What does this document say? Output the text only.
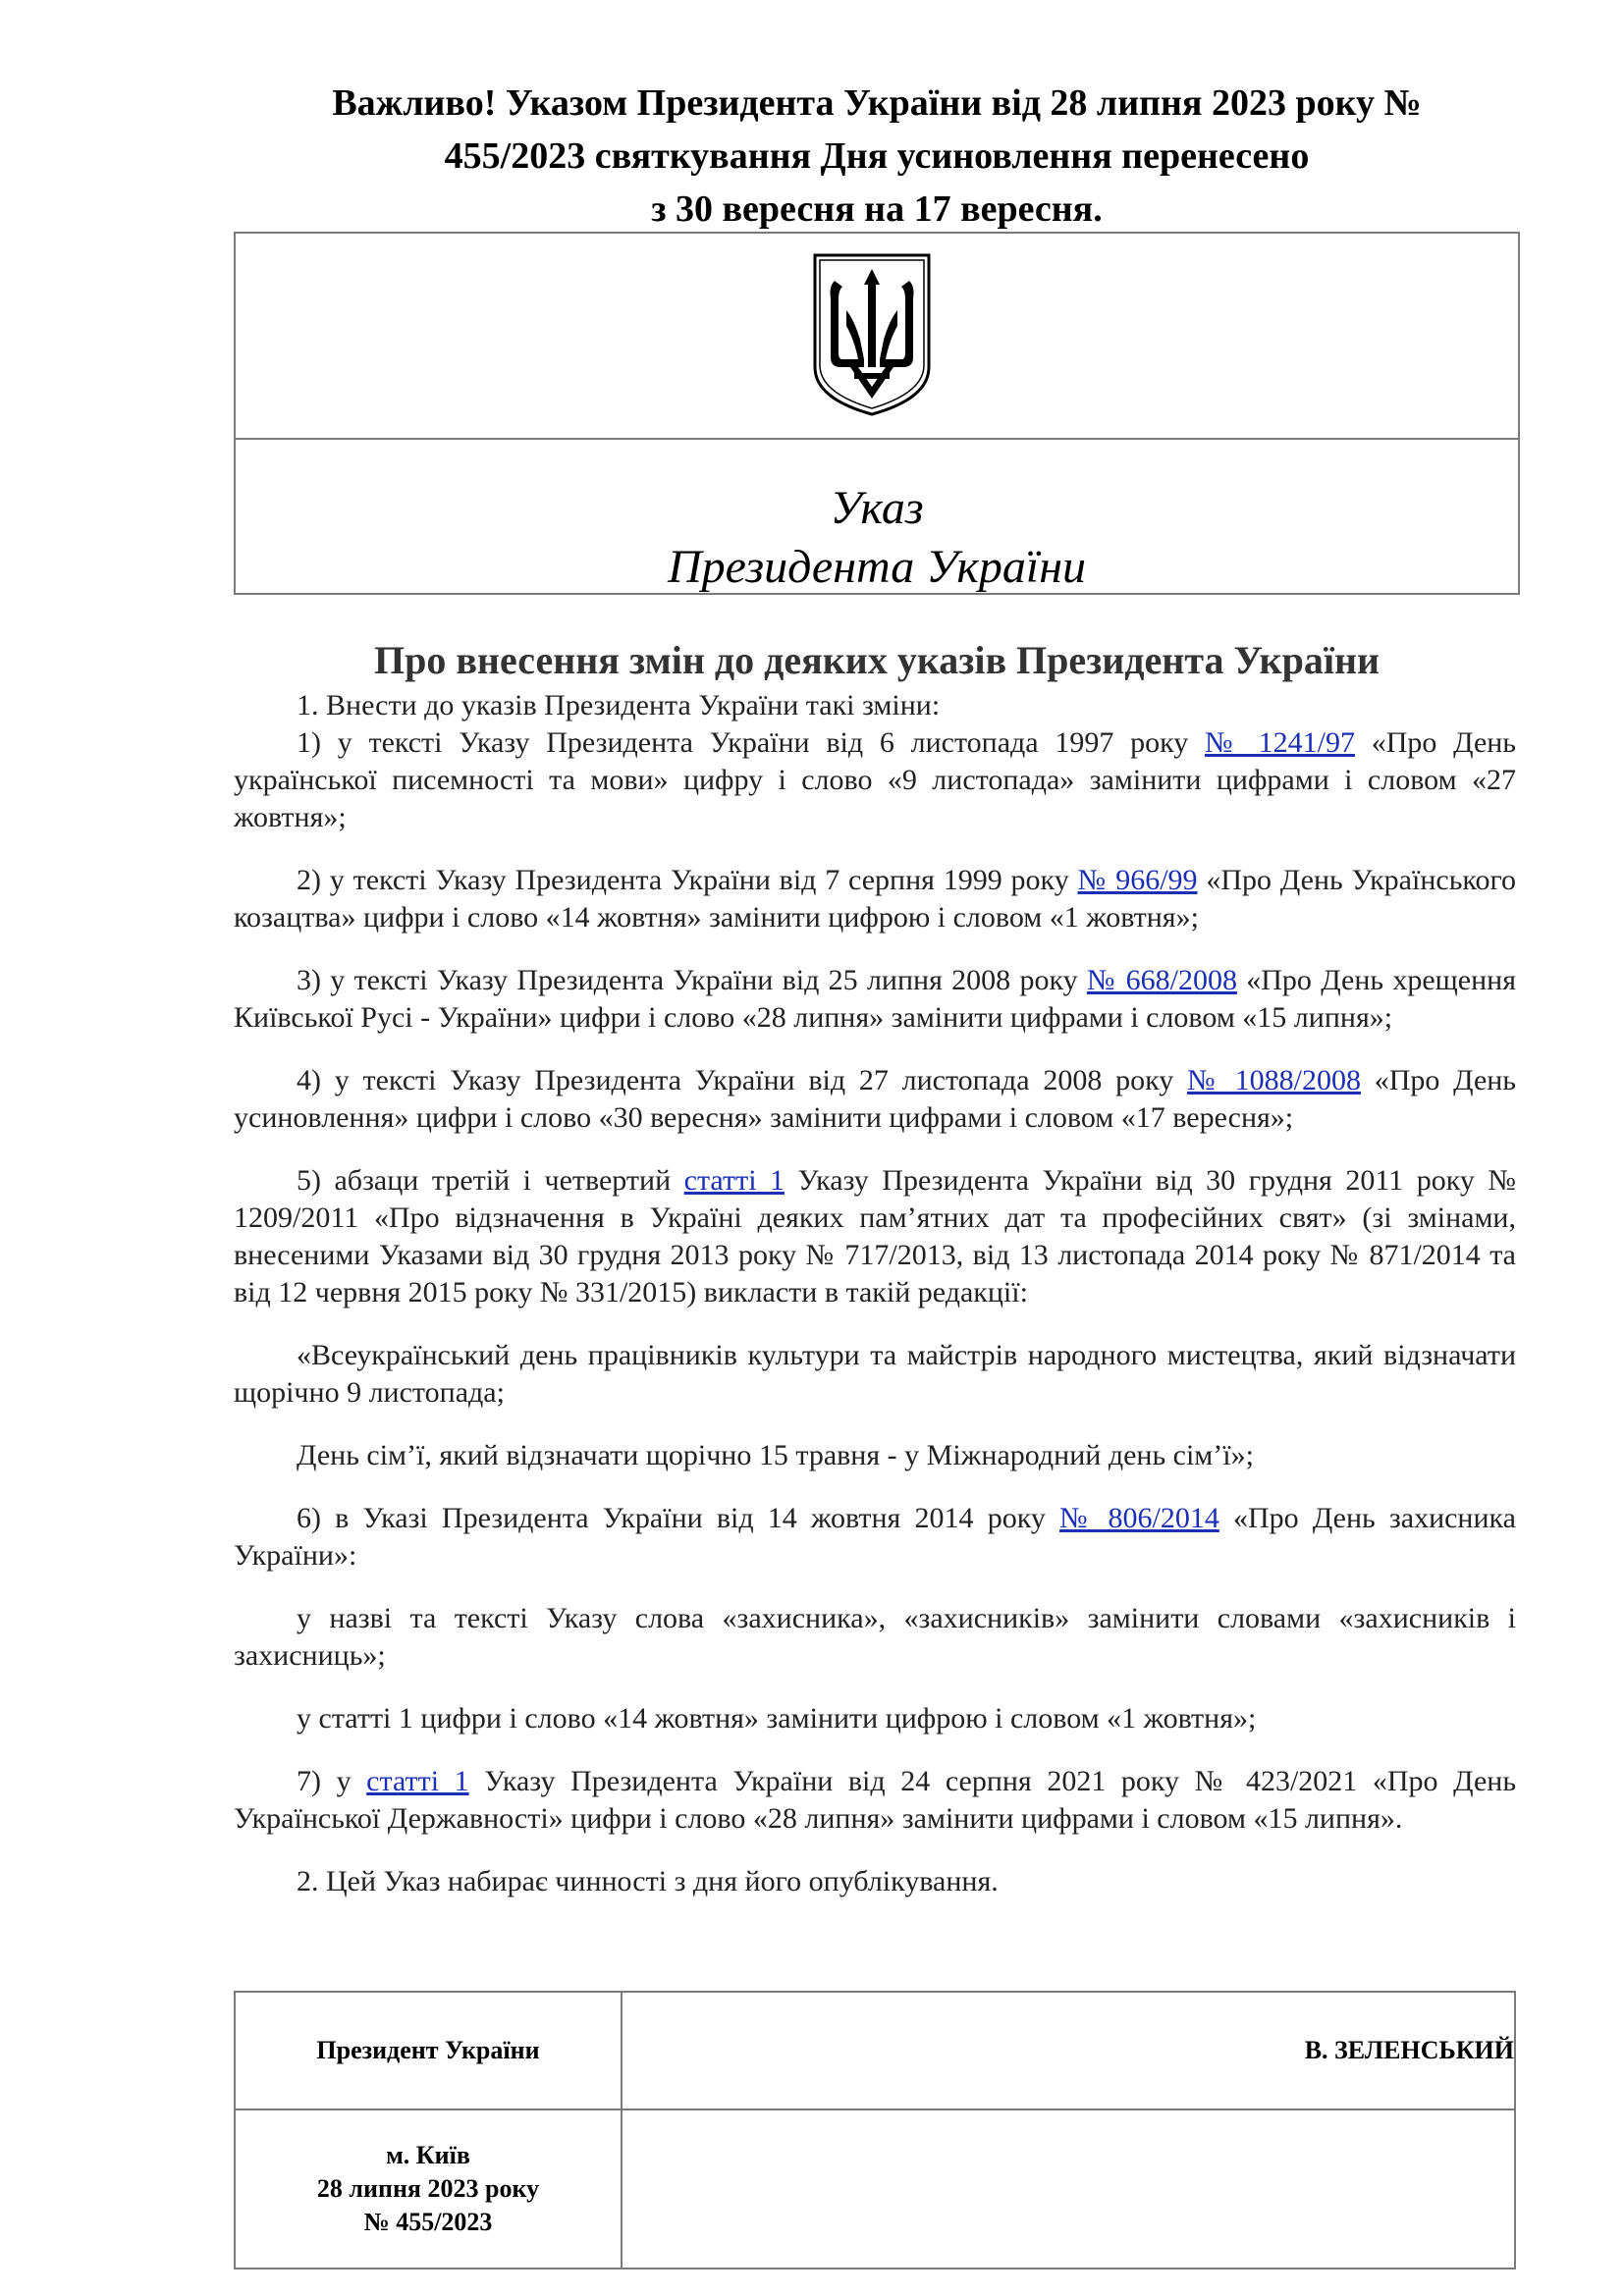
Важливо! Указом Президента України від 28 липня 2023 року №
455/2023 святкування Дня усиновлення перенесено
з 30 вересня на 17 вересня.
Указ
Президента України
Про внесення змін до деяких указів Президента України

1. Внести до указів Президента України такі зміни:

1) у тексті Указу Президента України від 6 листопада 1997 року № 1241/97 «Про День української писемності та мови» цифру і слово «9 листопада» замінити цифрами і словом «27 жовтня»;

2) у тексті Указу Президента України від 7 серпня 1999 року № 966/99 «Про День Українського козацтва» цифри і слово «14 жовтня» замінити цифрою і словом «1 жовтня»;

3) у тексті Указу Президента України від 25 липня 2008 року № 668/2008 «Про День хрещення Київської Русі - України» цифри і слово «28 липня» замінити цифрами і словом «15 липня»;

4) у тексті Указу Президента України від 27 листопада 2008 року № 1088/2008 «Про День усиновлення» цифри і слово «30 вересня» замінити цифрами і словом «17 вересня»;

5) абзаци третій і четвертий статті 1 Указу Президента України від 30 грудня 2011 року № 1209/2011 «Про відзначення в Україні деяких пам’ятних дат та професійних свят» (зі змінами, внесеними Указами від 30 грудня 2013 року № 717/2013, від 13 листопада 2014 року № 871/2014 та від 12 червня 2015 року № 331/2015) викласти в такій редакції:

«Всеукраїнський день працівників культури та майстрів народного мистецтва, який відзначати щорічно 9 листопада;

День сім’ї, який відзначати щорічно 15 травня - у Міжнародний день сім’ї»;

6) в Указі Президента України від 14 жовтня 2014 року № 806/2014 «Про День захисника України»:

у назві та тексті Указу слова «захисника», «захисників» замінити словами «захисників і захисниць»;

у статті 1 цифри і слово «14 жовтня» замінити цифрою і словом «1 жовтня»;

7) у статті 1 Указу Президента України від 24 серпня 2021 року № 423/2021 «Про День Української Державності» цифри і слово «28 липня» замінити цифрами і словом «15 липня».

2. Цей Указ набирає чинності з дня його опублікування.

Президент України	В. ЗЕЛЕНСЬКИЙ

м. Київ
28 липня 2023 року
№ 455/2023	
